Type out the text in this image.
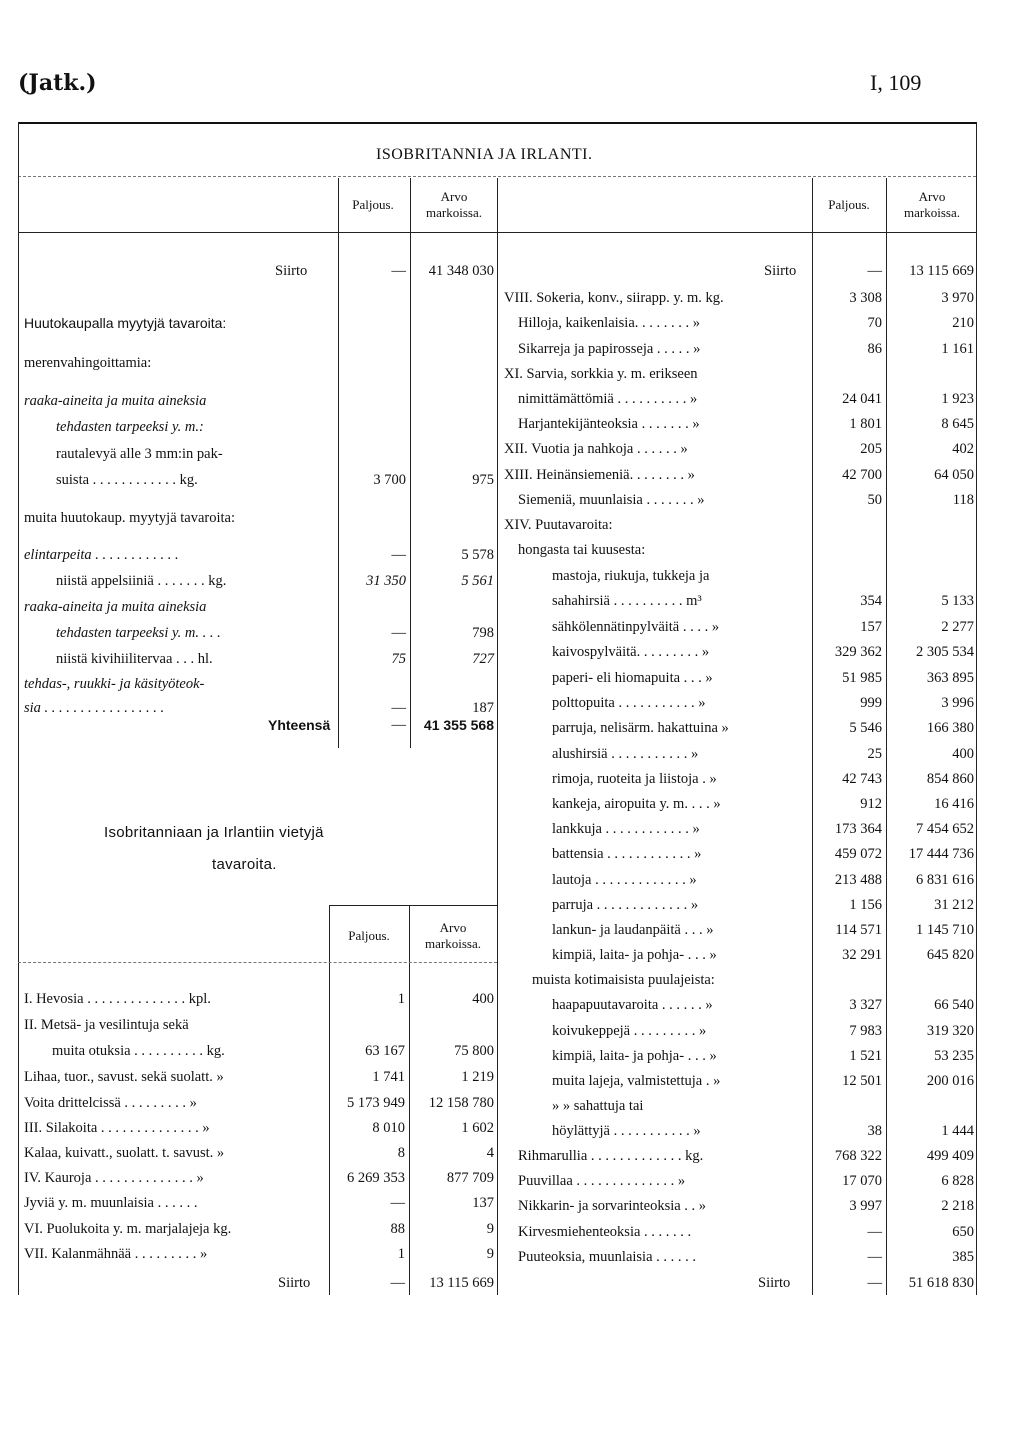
(Jatk.)	I, 109
ISOBRITANNIA JA IRLANTI.
Paljous.
Arvo
markoissa.
Paljous.
Arvo
markoissa.
Siirto	—	41 348 030
Huutokaupalla myytyjä tavaroita:
merenvahingoittamia:
raaka-aineita ja muita aineksia
tehdasten tarpeeksi y. m.:
rautalevyä alle 3 mm:in pak-
suista . . . . . . . . . . . . kg.	3 700	975
muita huutokaup. myytyjä tavaroita:
elintarpeita . . . . . . . . . . . .	—	5 578
niistä appelsiiniä . . . . . . . kg.	31 350	5 561
raaka-aineita ja muita aineksia
tehdasten tarpeeksi y. m. . . .	—	798
niistä kivihiilitervaa . . . hl.	75	727
tehdas-, ruukki- ja käsityöteok-
sia . . . . . . . . . . . . . . . . .	—	187
Yhteensä	—	41 355 568
Isobritanniaan ja Irlantiin vietyjä
tavaroita.
Paljous.
Arvo
markoissa.
I. Hevosia . . . . . . . . . . . . . . kpl.	1	400
II. Metsä- ja vesilintuja sekä
muita otuksia . . . . . . . . . . kg.	63 167	75 800
Lihaa, tuor., savust. sekä suolatt. »	1 741	1 219
Voita drittelcissä . . . . . . . . . »	5 173 949	12 158 780
III. Silakoita . . . . . . . . . . . . . . »	8 010	1 602
Kalaa, kuivatt., suolatt. t. savust. »	8	4
IV. Kauroja . . . . . . . . . . . . . . »	6 269 353	877 709
Jyviä y. m. muunlaisia . . . . . .	—	137
VI. Puolukoita y. m. marjalajeja kg.	88	9
VII. Kalanmähnää . . . . . . . . . »	1	9
Siirto	—	13 115 669
Siirto	—	13 115 669
VIII. Sokeria, konv., siirapp. y. m. kg.	3 308	3 970
Hilloja, kaikenlaisia. . . . . . . . »	70	210
Sikarreja ja papirosseja . . . . . »	86	1 161
XI. Sarvia, sorkkia y. m. erikseen
nimittämättömiä . . . . . . . . . . »	24 041	1 923
Harjantekijänteoksia . . . . . . . »	1 801	8 645
XII. Vuotia ja nahkoja . . . . . . »	205	402
XIII. Heinänsiemeniä. . . . . . . . »	42 700	64 050
Siemeniä, muunlaisia . . . . . . . »	50	118
XIV. Puutavaroita:
hongasta tai kuusesta:
mastoja, riukuja, tukkeja ja
sahahirsiä . . . . . . . . . . m³	354	5 133
sähkölennätinpylväitä . . . . »	157	2 277
kaivospylväitä. . . . . . . . . »	329 362	2 305 534
paperi- eli hiomapuita . . . »	51 985	363 895
polttopuita . . . . . . . . . . . »	999	3 996
parruja, nelisärm. hakattuina »	5 546	166 380
alushirsiä . . . . . . . . . . . »	25	400
rimoja, ruoteita ja liistoja . »	42 743	854 860
kankeja, airopuita y. m. . . . »	912	16 416
lankkuja . . . . . . . . . . . . »	173 364	7 454 652
battensia . . . . . . . . . . . . »	459 072	17 444 736
lautoja . . . . . . . . . . . . . »	213 488	6 831 616
parruja . . . . . . . . . . . . . »	1 156	31 212
lankun- ja laudanpäitä . . . »	114 571	1 145 710
kimpiä, laita- ja pohja- . . . »	32 291	645 820
muista kotimaisista puulajeista:
haapapuutavaroita . . . . . . »	3 327	66 540
koivukeppejä . . . . . . . . . »	7 983	319 320
kimpiä, laita- ja pohja- . . . »	1 521	53 235
muita lajeja, valmistettuja . »	12 501	200 016
» » sahattuja tai
höylättyjä . . . . . . . . . . . »	38	1 444
Rihmarullia . . . . . . . . . . . . . kg.	768 322	499 409
Puuvillaa . . . . . . . . . . . . . . »	17 070	6 828
Nikkarin- ja sorvarinteoksia . . »	3 997	2 218
Kirvesmiehenteoksia . . . . . . .	—	650
Puuteoksia, muunlaisia . . . . . .	—	385
Siirto	—	51 618 830
